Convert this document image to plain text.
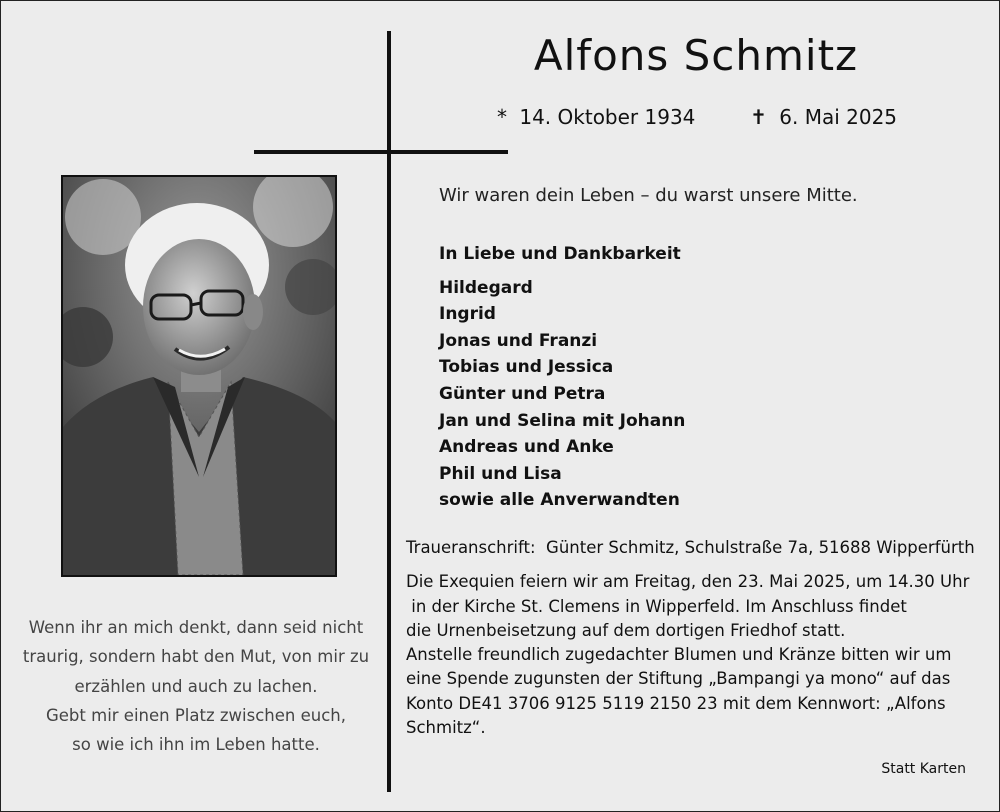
Alfons Schmitz
* 14. Oktober 1934	✝ 6. Mai 2025
Wir waren dein Leben – du warst unsere Mitte.
In Liebe und Dankbarkeit
Hildegard
Ingrid
Jonas und Franzi
Tobias und Jessica
Günter und Petra
Jan und Selina mit Johann
Andreas und Anke
Phil und Lisa
sowie alle Anverwandten

Traueranschrift:  Günter Schmitz, Schulstraße 7a, 51688 Wipperfürth

Die Exequien feiern wir am Freitag, den 23. Mai 2025, um 14.30 Uhr

in der Kirche St. Clemens in Wipperfeld. Im Anschluss findet

die Urnenbeisetzung auf dem dortigen Friedhof statt.

Anstelle freundlich zugedachter Blumen und Kränze bitten wir um

eine Spende zugunsten der Stiftung „Bampangi ya mono“ auf das

Konto DE41 3706 9125 5119 2150 23 mit dem Kennwort: „Alfons

Schmitz“.

Statt Karten
Wenn ihr an mich denkt, dann seid nicht
traurig, sondern habt den Mut, von mir zu
erzählen und auch zu lachen.
Gebt mir einen Platz zwischen euch,
so wie ich ihn im Leben hatte.
